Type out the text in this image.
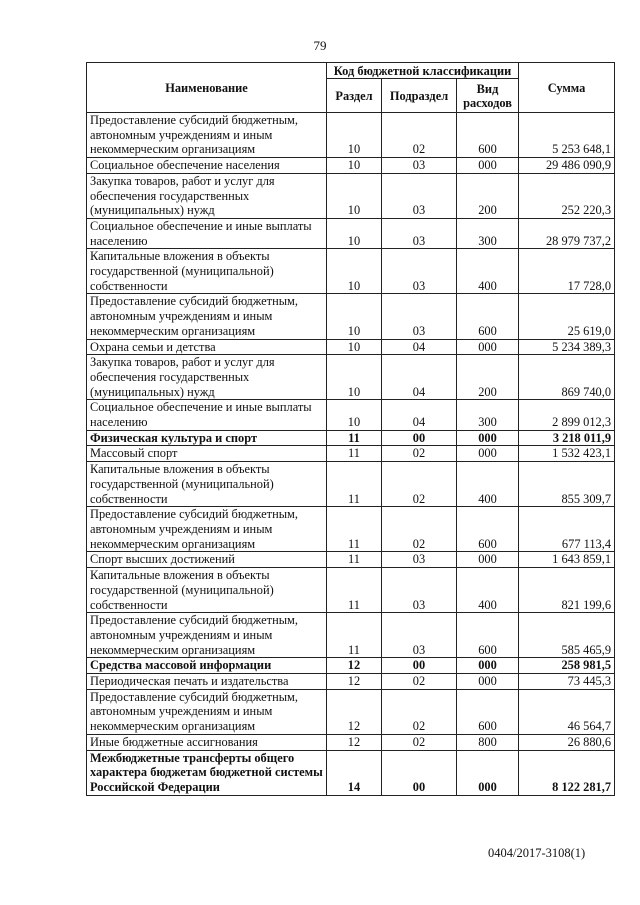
79
Наименование	Код бюджетной классификации			Сумма
	Раздел	Подраздел	Вид расходов	
Предоставление субсидий бюджетным, автономным учреждениям и иным некоммерческим организациям	10	02	600	5 253 648,1
Социальное обеспечение населения	10	03	000	29 486 090,9
Закупка товаров, работ и услуг для обеспечения государственных (муниципальных) нужд	10	03	200	252 220,3
Социальное обеспечение и иные выплаты населению	10	03	300	28 979 737,2
Капитальные вложения в объекты государственной (муниципальной) собственности	10	03	400	17 728,0
Предоставление субсидий бюджетным, автономным учреждениям и иным некоммерческим организациям	10	03	600	25 619,0
Охрана семьи и детства	10	04	000	5 234 389,3
Закупка товаров, работ и услуг для обеспечения государственных (муниципальных) нужд	10	04	200	869 740,0
Социальное обеспечение и иные выплаты населению	10	04	300	2 899 012,3
Физическая культура и спорт	11	00	000	3 218 011,9
Массовый спорт	11	02	000	1 532 423,1
Капитальные вложения в объекты государственной (муниципальной) собственности	11	02	400	855 309,7
Предоставление субсидий бюджетным, автономным учреждениям и иным некоммерческим организациям	11	02	600	677 113,4
Спорт высших достижений	11	03	000	1 643 859,1
Капитальные вложения в объекты государственной (муниципальной) собственности	11	03	400	821 199,6
Предоставление субсидий бюджетным, автономным учреждениям и иным некоммерческим организациям	11	03	600	585 465,9
Средства массовой информации	12	00	000	258 981,5
Периодическая печать и издательства	12	02	000	73 445,3
Предоставление субсидий бюджетным, автономным учреждениям и иным некоммерческим организациям	12	02	600	46 564,7
Иные бюджетные ассигнования	12	02	800	26 880,6
Межбюджетные трансферты общего характера бюджетам бюджетной системы Российской Федерации	14	00	000	8 122 281,7
0404/2017-3108(1)
